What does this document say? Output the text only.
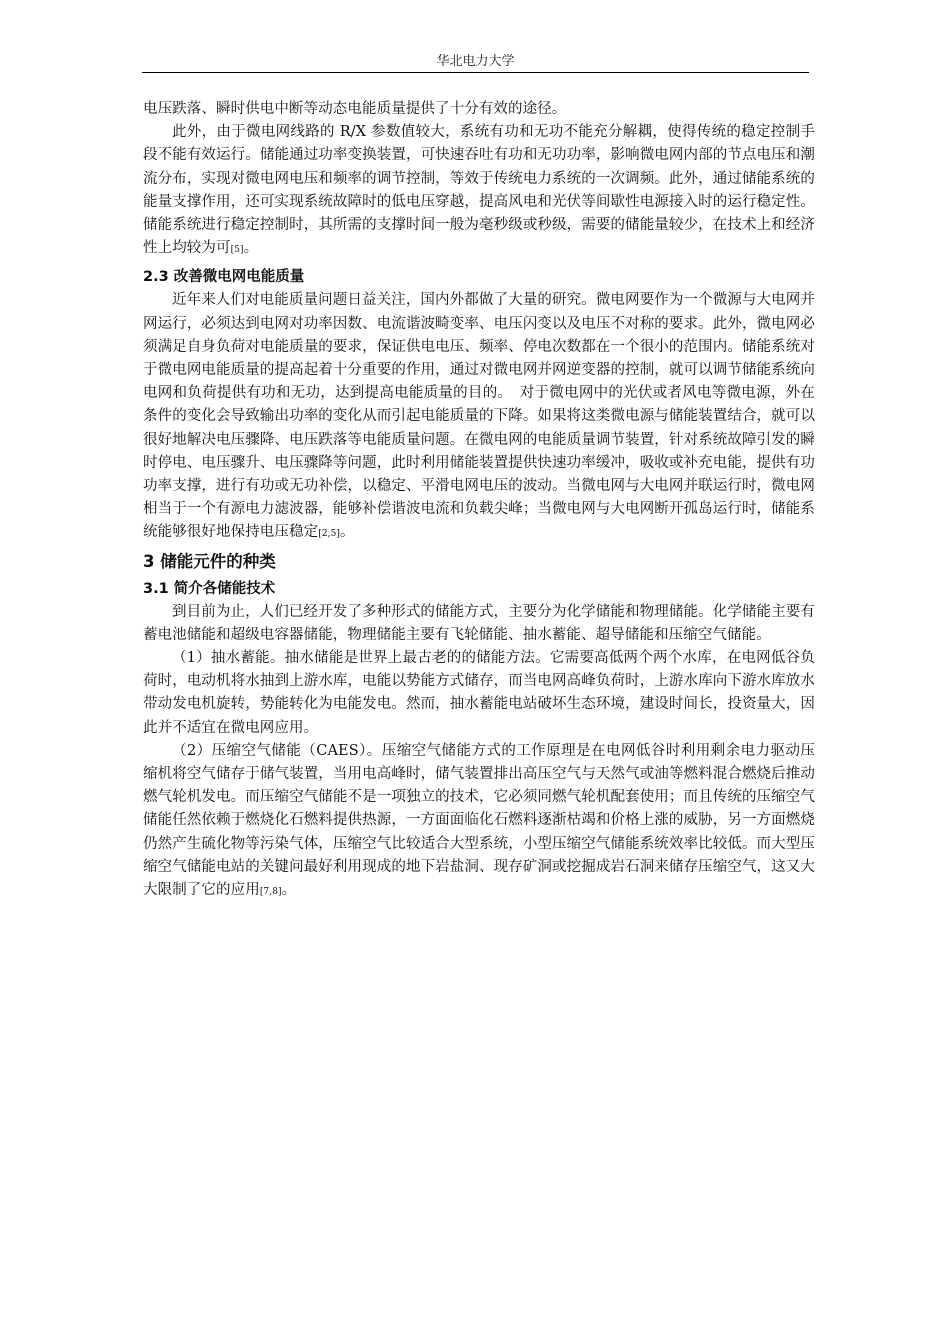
华北电力大学

电压跌落、瞬时供电中断等动态电能质量提供了十分有效的途径。

此外，由于微电网线路的 R/X 参数值较大，系统有功和无功不能充分解耦，使得传统的稳定控制手段不能有效运行。储能通过功率变换装置，可快速吞吐有功和无功功率，影响微电网内部的节点电压和潮流分布，实现对微电网电压和频率的调节控制，等效于传统电力系统的一次调频。此外，通过储能系统的能量支撑作用，还可实现系统故障时的低电压穿越，提高风电和光伏等间歇性电源接入时的运行稳定性。储能系统进行稳定控制时，其所需的支撑时间一般为毫秒级或秒级，需要的储能量较少，在技术上和经济性上均较为可[5]。

2.3 改善微电网电能质量

近年来人们对电能质量问题日益关注，国内外都做了大量的研究。微电网要作为一个微源与大电网并网运行，必须达到电网对功率因数、电流谐波畸变率、电压闪变以及电压不对称的要求。此外，微电网必须满足自身负荷对电能质量的要求，保证供电电压、频率、停电次数都在一个很小的范围内。储能系统对于微电网电能质量的提高起着十分重要的作用，通过对微电网并网逆变器的控制，就可以调节储能系统向电网和负荷提供有功和无功，达到提高电能质量的目的。　对于微电网中的光伏或者风电等微电源，外在条件的变化会导致输出功率的变化从而引起电能质量的下降。如果将这类微电源与储能装置结合，就可以很好地解决电压骤降、电压跌落等电能质量问题。在微电网的电能质量调节装置，针对系统故障引发的瞬时停电、电压骤升、电压骤降等问题，此时利用储能装置提供快速功率缓冲，吸收或补充电能，提供有功功率支撑，进行有功或无功补偿，以稳定、平滑电网电压的波动。当微电网与大电网并联运行时，微电网相当于一个有源电力滤波器，能够补偿谐波电流和负载尖峰；当微电网与大电网断开孤岛运行时，储能系统能够很好地保持电压稳定[2,5]。

3 储能元件的种类
3.1 简介各储能技术

到目前为止，人们已经开发了多种形式的储能方式，主要分为化学储能和物理储能。化学储能主要有蓄电池储能和超级电容器储能，物理储能主要有飞轮储能、抽水蓄能、超导储能和压缩空气储能。

（1）抽水蓄能。抽水储能是世界上最古老的的储能方法。它需要高低两个两个水库，在电网低谷负荷时，电动机将水抽到上游水库，电能以势能方式储存，而当电网高峰负荷时，上游水库向下游水库放水带动发电机旋转，势能转化为电能发电。然而，抽水蓄能电站破坏生态环境，建设时间长，投资量大，因此并不适宜在微电网应用。

（2）压缩空气储能（CAES）。压缩空气储能方式的工作原理是在电网低谷时利用剩余电力驱动压缩机将空气储存于储气装置，当用电高峰时，储气装置排出高压空气与天然气或油等燃料混合燃烧后推动燃气轮机发电。而压缩空气储能不是一项独立的技术，它必须同燃气轮机配套使用；而且传统的压缩空气储能任然依赖于燃烧化石燃料提供热源，一方面面临化石燃料逐渐枯竭和价格上涨的威胁，另一方面燃烧仍然产生硫化物等污染气体，压缩空气比较适合大型系统，小型压缩空气储能系统效率比较低。而大型压缩空气储能电站的关键问最好利用现成的地下岩盐洞、现存矿洞或挖掘成岩石洞来储存压缩空气，这又大大限制了它的应用[7,8]。
